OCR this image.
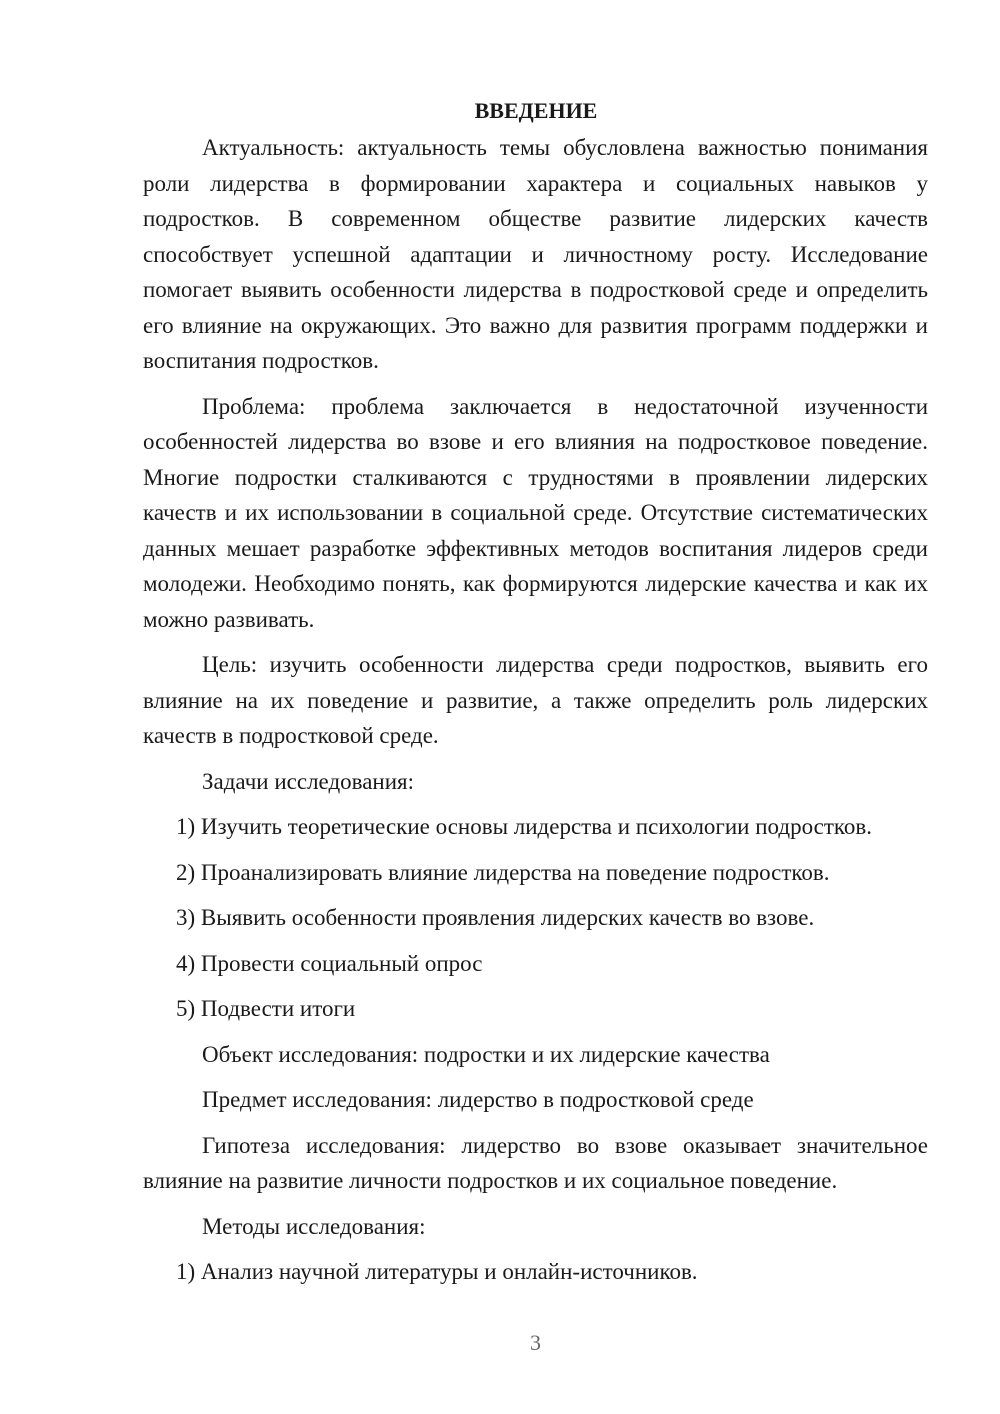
ВВЕДЕНИЕ

Актуальность: актуальность темы обусловлена важностью понимания роли лидерства в формировании характера и социальных навыков у подростков. В современном обществе развитие лидерских качеств способствует успешной адаптации и личностному росту. Исследование помогает выявить особенности лидерства в подростковой среде и определить его влияние на окружающих. Это важно для развития программ поддержки и воспитания подростков.

Проблема: проблема заключается в недостаточной изученности особенностей лидерства во взове и его влияния на подростковое поведение. Многие подростки сталкиваются с трудностями в проявлении лидерских качеств и их использовании в социальной среде. Отсутствие систематических данных мешает разработке эффективных методов воспитания лидеров среди молодежи. Необходимо понять, как формируются лидерские качества и как их можно развивать.

Цель: изучить особенности лидерства среди подростков, выявить его влияние на их поведение и развитие, а также определить роль лидерских качеств в подростковой среде.

Задачи исследования:
1) Изучить теоретические основы лидерства и психологии подростков.
2) Проанализировать влияние лидерства на поведение подростков.
3) Выявить особенности проявления лидерских качеств во взове.
4) Провести социальный опрос
5) Подвести итоги
Объект исследования: подростки и их лидерские качества
Предмет исследования: лидерство в подростковой среде

Гипотеза исследования: лидерство во взове оказывает значительное влияние на развитие личности подростков и их социальное поведение.

Методы исследования:
1) Анализ научной литературы и онлайн-источников.
3
